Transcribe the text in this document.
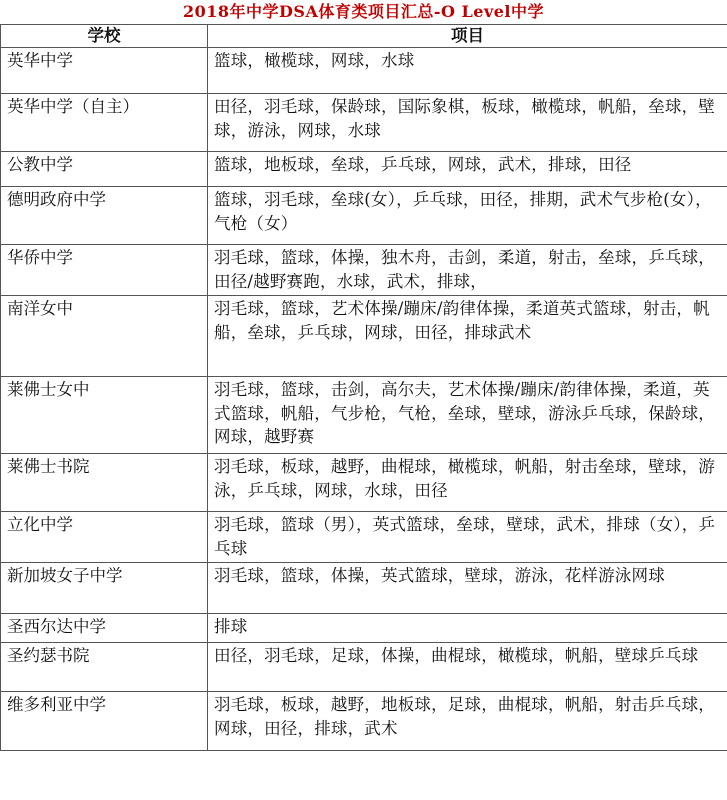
2018年中学DSA体育类项目汇总-O Level中学
学校	项目
英华中学	篮球，橄榄球，网球，水球
英华中学（自主）	田径，羽毛球，保龄球，国际象棋，板球，橄榄球，帆船，垒球，壁球，游泳，网球，水球
公教中学	篮球，地板球，垒球，乒乓球，网球，武术，排球，田径
德明政府中学	篮球，羽毛球，垒球(女），乒乓球，田径，排期，武术气步枪(女），气枪（女）
华侨中学	羽毛球，篮球，体操，独木舟，击剑，柔道，射击，垒球，乒乓球，田径/越野赛跑，水球，武术，排球，
南洋女中	羽毛球，篮球，艺术体操/蹦床/韵律体操，柔道英式篮球，射击，帆船，垒球，乒乓球，网球，田径，排球武术
莱佛士女中	羽毛球，篮球，击剑，高尔夫，艺术体操/蹦床/韵律体操，柔道，英式篮球，帆船，气步枪，气枪，垒球，壁球，游泳乒乓球，保龄球，网球，越野赛
莱佛士书院	羽毛球，板球，越野，曲棍球，橄榄球，帆船，射击垒球，壁球，游泳，乒乓球，网球，水球，田径
立化中学	羽毛球，篮球（男），英式篮球，垒球，壁球，武术，排球（女），乒乓球
新加坡女子中学	羽毛球，篮球，体操，英式篮球，壁球，游泳，花样游泳网球
圣西尔达中学	排球
圣约瑟书院	田径，羽毛球，足球，体操，曲棍球，橄榄球，帆船，壁球乒乓球
维多利亚中学	羽毛球，板球，越野，地板球，足球，曲棍球，帆船，射击乒乓球，网球，田径，排球，武术
